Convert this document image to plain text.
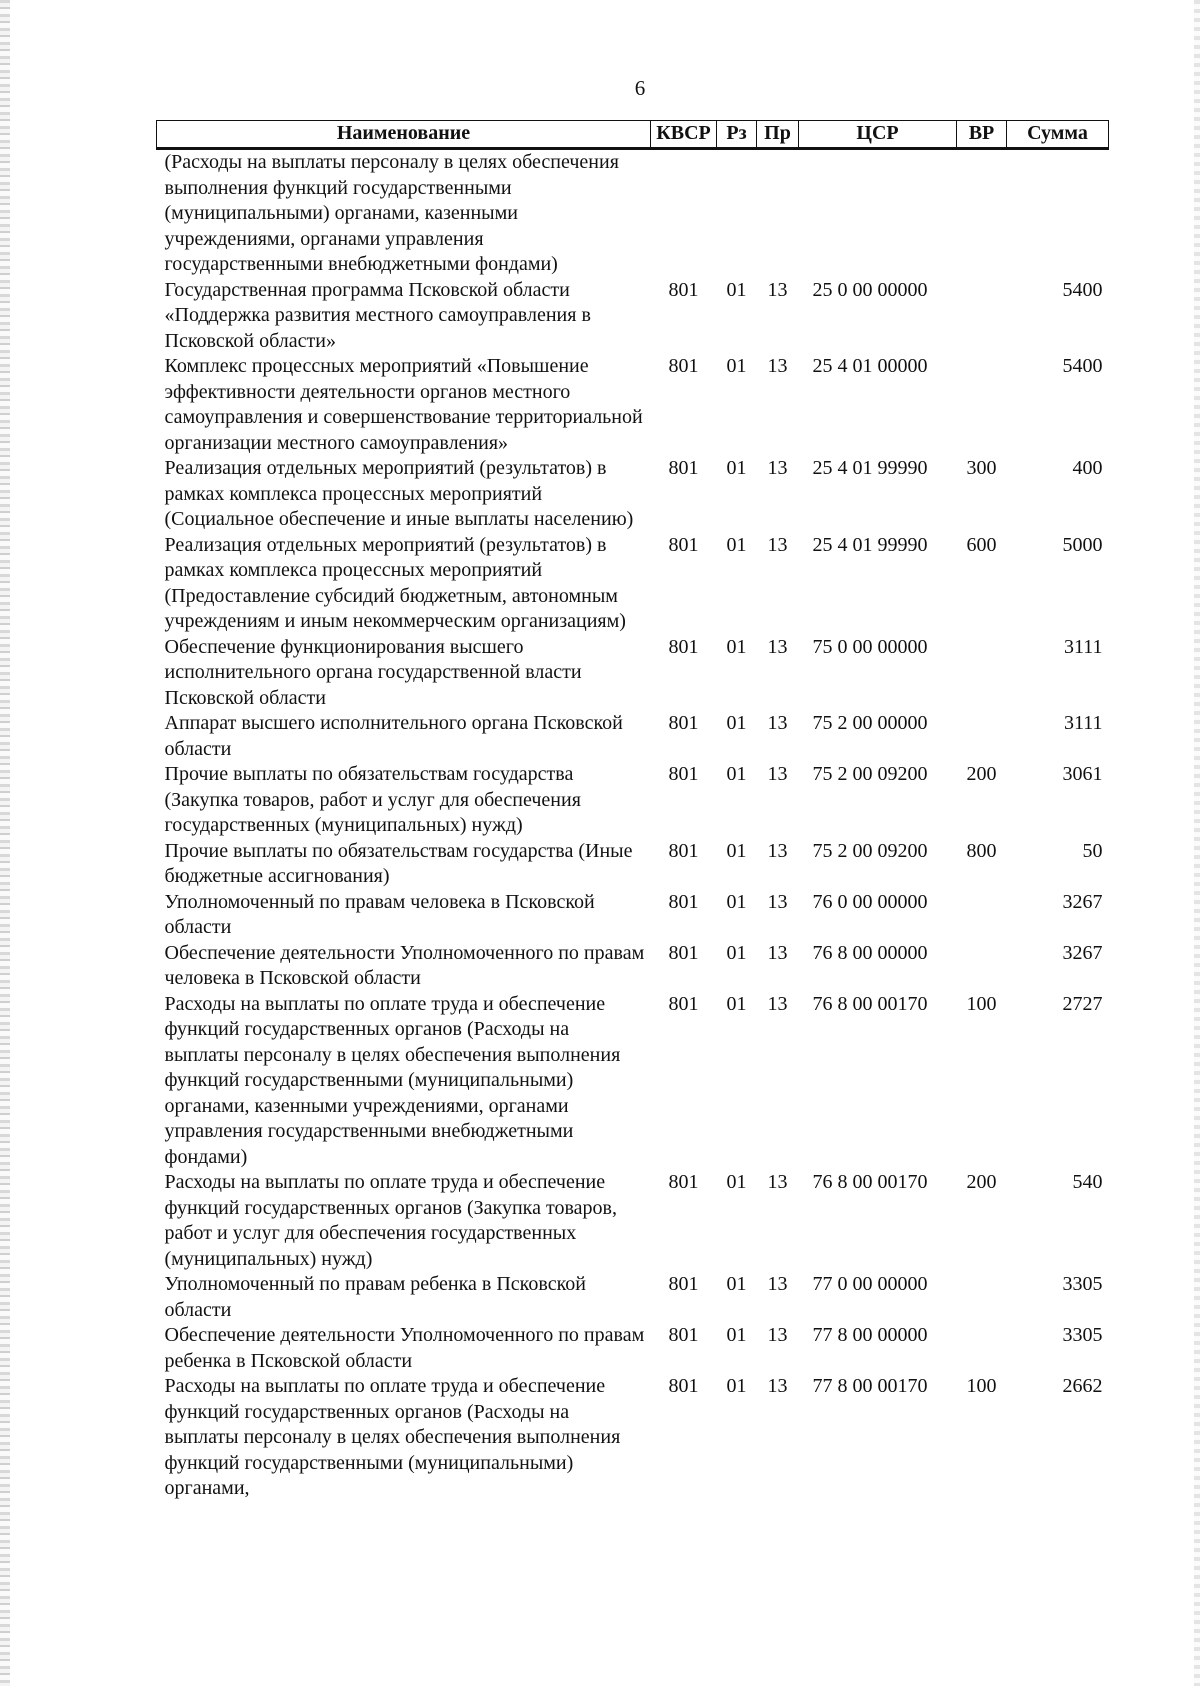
6
Наименование	КВСР	Рз	Пр	ЦСР	ВР	Сумма
(Расходы на выплаты персоналу в целях обеспечения выполнения функций государственными (муниципальными) органами, казенными учреждениями, органами управления государственными внебюджетными фондами)						
Государственная программа Псковской области «Поддержка развития местного самоуправления в Псковской области»	801	01	13	25 0 00 00000		5400
Комплекс процессных мероприятий «Повышение эффективности деятельности органов местного самоуправления и совершенствование территориальной организации местного самоуправления»	801	01	13	25 4 01 00000		5400
Реализация отдельных мероприятий (результатов) в рамках комплекса процессных мероприятий (Социальное обеспечение и иные выплаты населению)	801	01	13	25 4 01 99990	300	400
Реализация отдельных мероприятий (результатов) в рамках комплекса процессных мероприятий (Предоставление субсидий бюджетным, автономным учреждениям и иным некоммерческим организациям)	801	01	13	25 4 01 99990	600	5000
Обеспечение функционирования высшего исполнительного органа государственной власти Псковской области	801	01	13	75 0 00 00000		3111
Аппарат высшего исполнительного органа Псковской области	801	01	13	75 2 00 00000		3111
Прочие выплаты по обязательствам государства (Закупка товаров, работ и услуг для обеспечения государственных (муниципальных) нужд)	801	01	13	75 2 00 09200	200	3061
Прочие выплаты по обязательствам государства (Иные бюджетные ассигнования)	801	01	13	75 2 00 09200	800	50
Уполномоченный по правам человека в Псковской области	801	01	13	76 0 00 00000		3267
Обеспечение деятельности Уполномоченного по правам человека в Псковской области	801	01	13	76 8 00 00000		3267
Расходы на выплаты по оплате труда и обеспечение функций государственных органов (Расходы на выплаты персоналу в целях обеспечения выполнения функций государственными (муниципальными) органами, казенными учреждениями, органами управления государственными внебюджетными фондами)	801	01	13	76 8 00 00170	100	2727
Расходы на выплаты по оплате труда и обеспечение функций государственных органов (Закупка товаров, работ и услуг для обеспечения государственных (муниципальных) нужд)	801	01	13	76 8 00 00170	200	540
Уполномоченный по правам ребенка в Псковской области	801	01	13	77 0 00 00000		3305
Обеспечение деятельности Уполномоченного по правам ребенка в Псковской области	801	01	13	77 8 00 00000		3305
Расходы на выплаты по оплате труда и обеспечение функций государственных органов (Расходы на выплаты персоналу в целях обеспечения выполнения функций государственными (муниципальными) органами,	801	01	13	77 8 00 00170	100	2662
